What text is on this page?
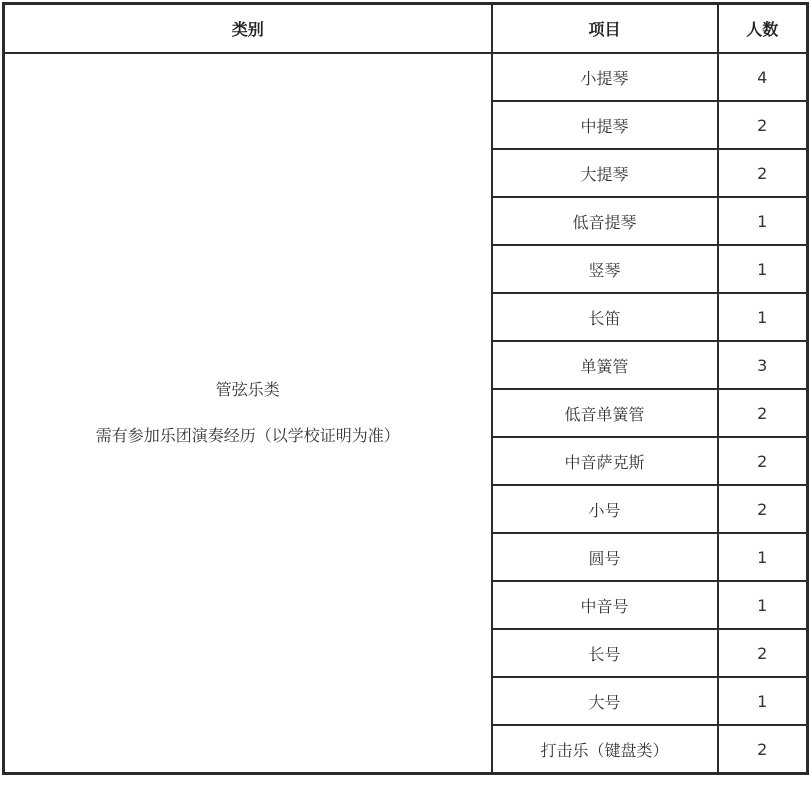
类别	项目	人数

管弦乐类
需有参加乐团演奏经历（以学校证明为准）	小提琴	4
	中提琴	2
	大提琴	2
	低音提琴	1
	竖琴	1
	长笛	1
	单簧管	3
	低音单簧管	2
	中音萨克斯	2
	小号	2
	圆号	1
	中音号	1
	长号	2
	大号	1
	打击乐（键盘类）	2
